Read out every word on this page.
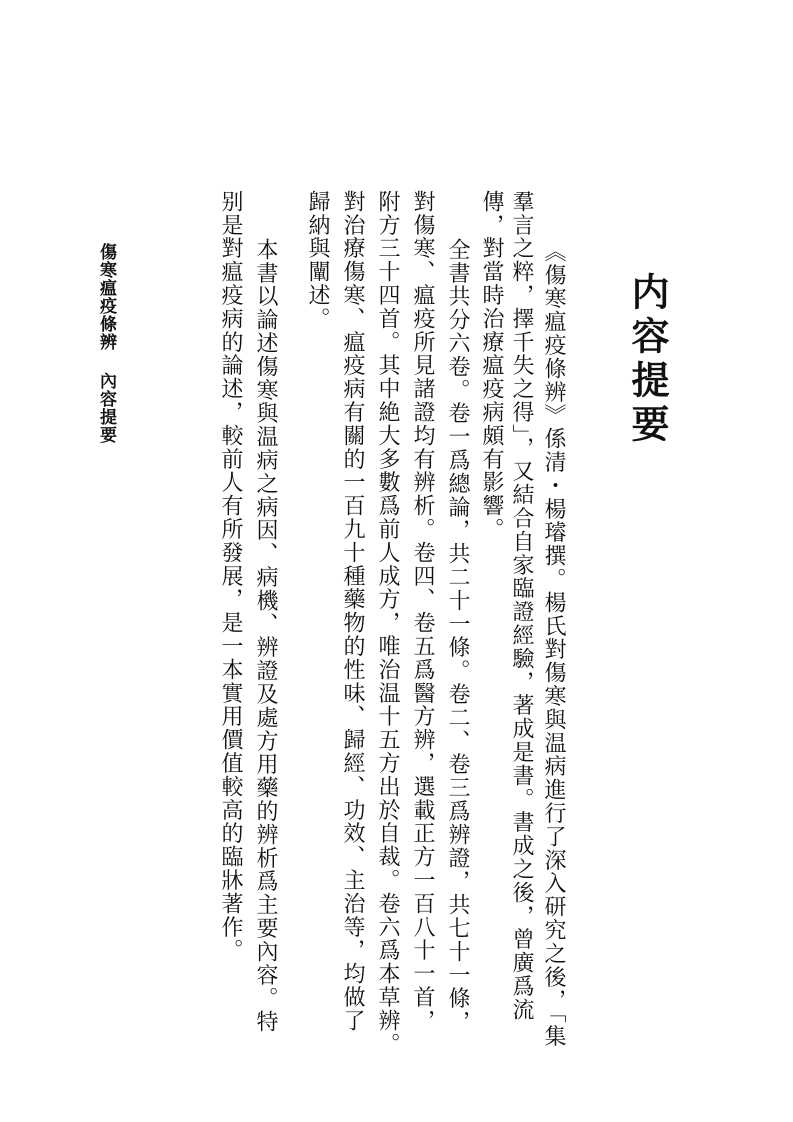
内容提要
《傷寒瘟疫條辨》係清・楊璿撰。楊氏對傷寒與温病進行了深入研究之後，「集
羣言之粹，擇千失之得」，又結合自家臨證經驗，著成是書。書成之後，曾廣爲流
傳，對當時治療瘟疫病頗有影響。
全書共分六卷。卷一爲總論，共二十一條。卷二、卷三爲辨證，共七十一條，
對傷寒、瘟疫所見諸證均有辨析。卷四、卷五爲醫方辨，選載正方一百八十一首，
附方三十四首。其中絶大多數爲前人成方，唯治温十五方出於自裁。卷六爲本草辨。
對治療傷寒、瘟疫病有關的一百九十種藥物的性味、歸經、功效、主治等，均做了
歸納與闡述。
本書以論述傷寒與温病之病因、病機、辨證及處方用藥的辨析爲主要內容。特
别是對瘟疫病的論述，較前人有所發展，是一本實用價值較高的臨牀著作。
傷寒瘟疫條辨 內容提要
